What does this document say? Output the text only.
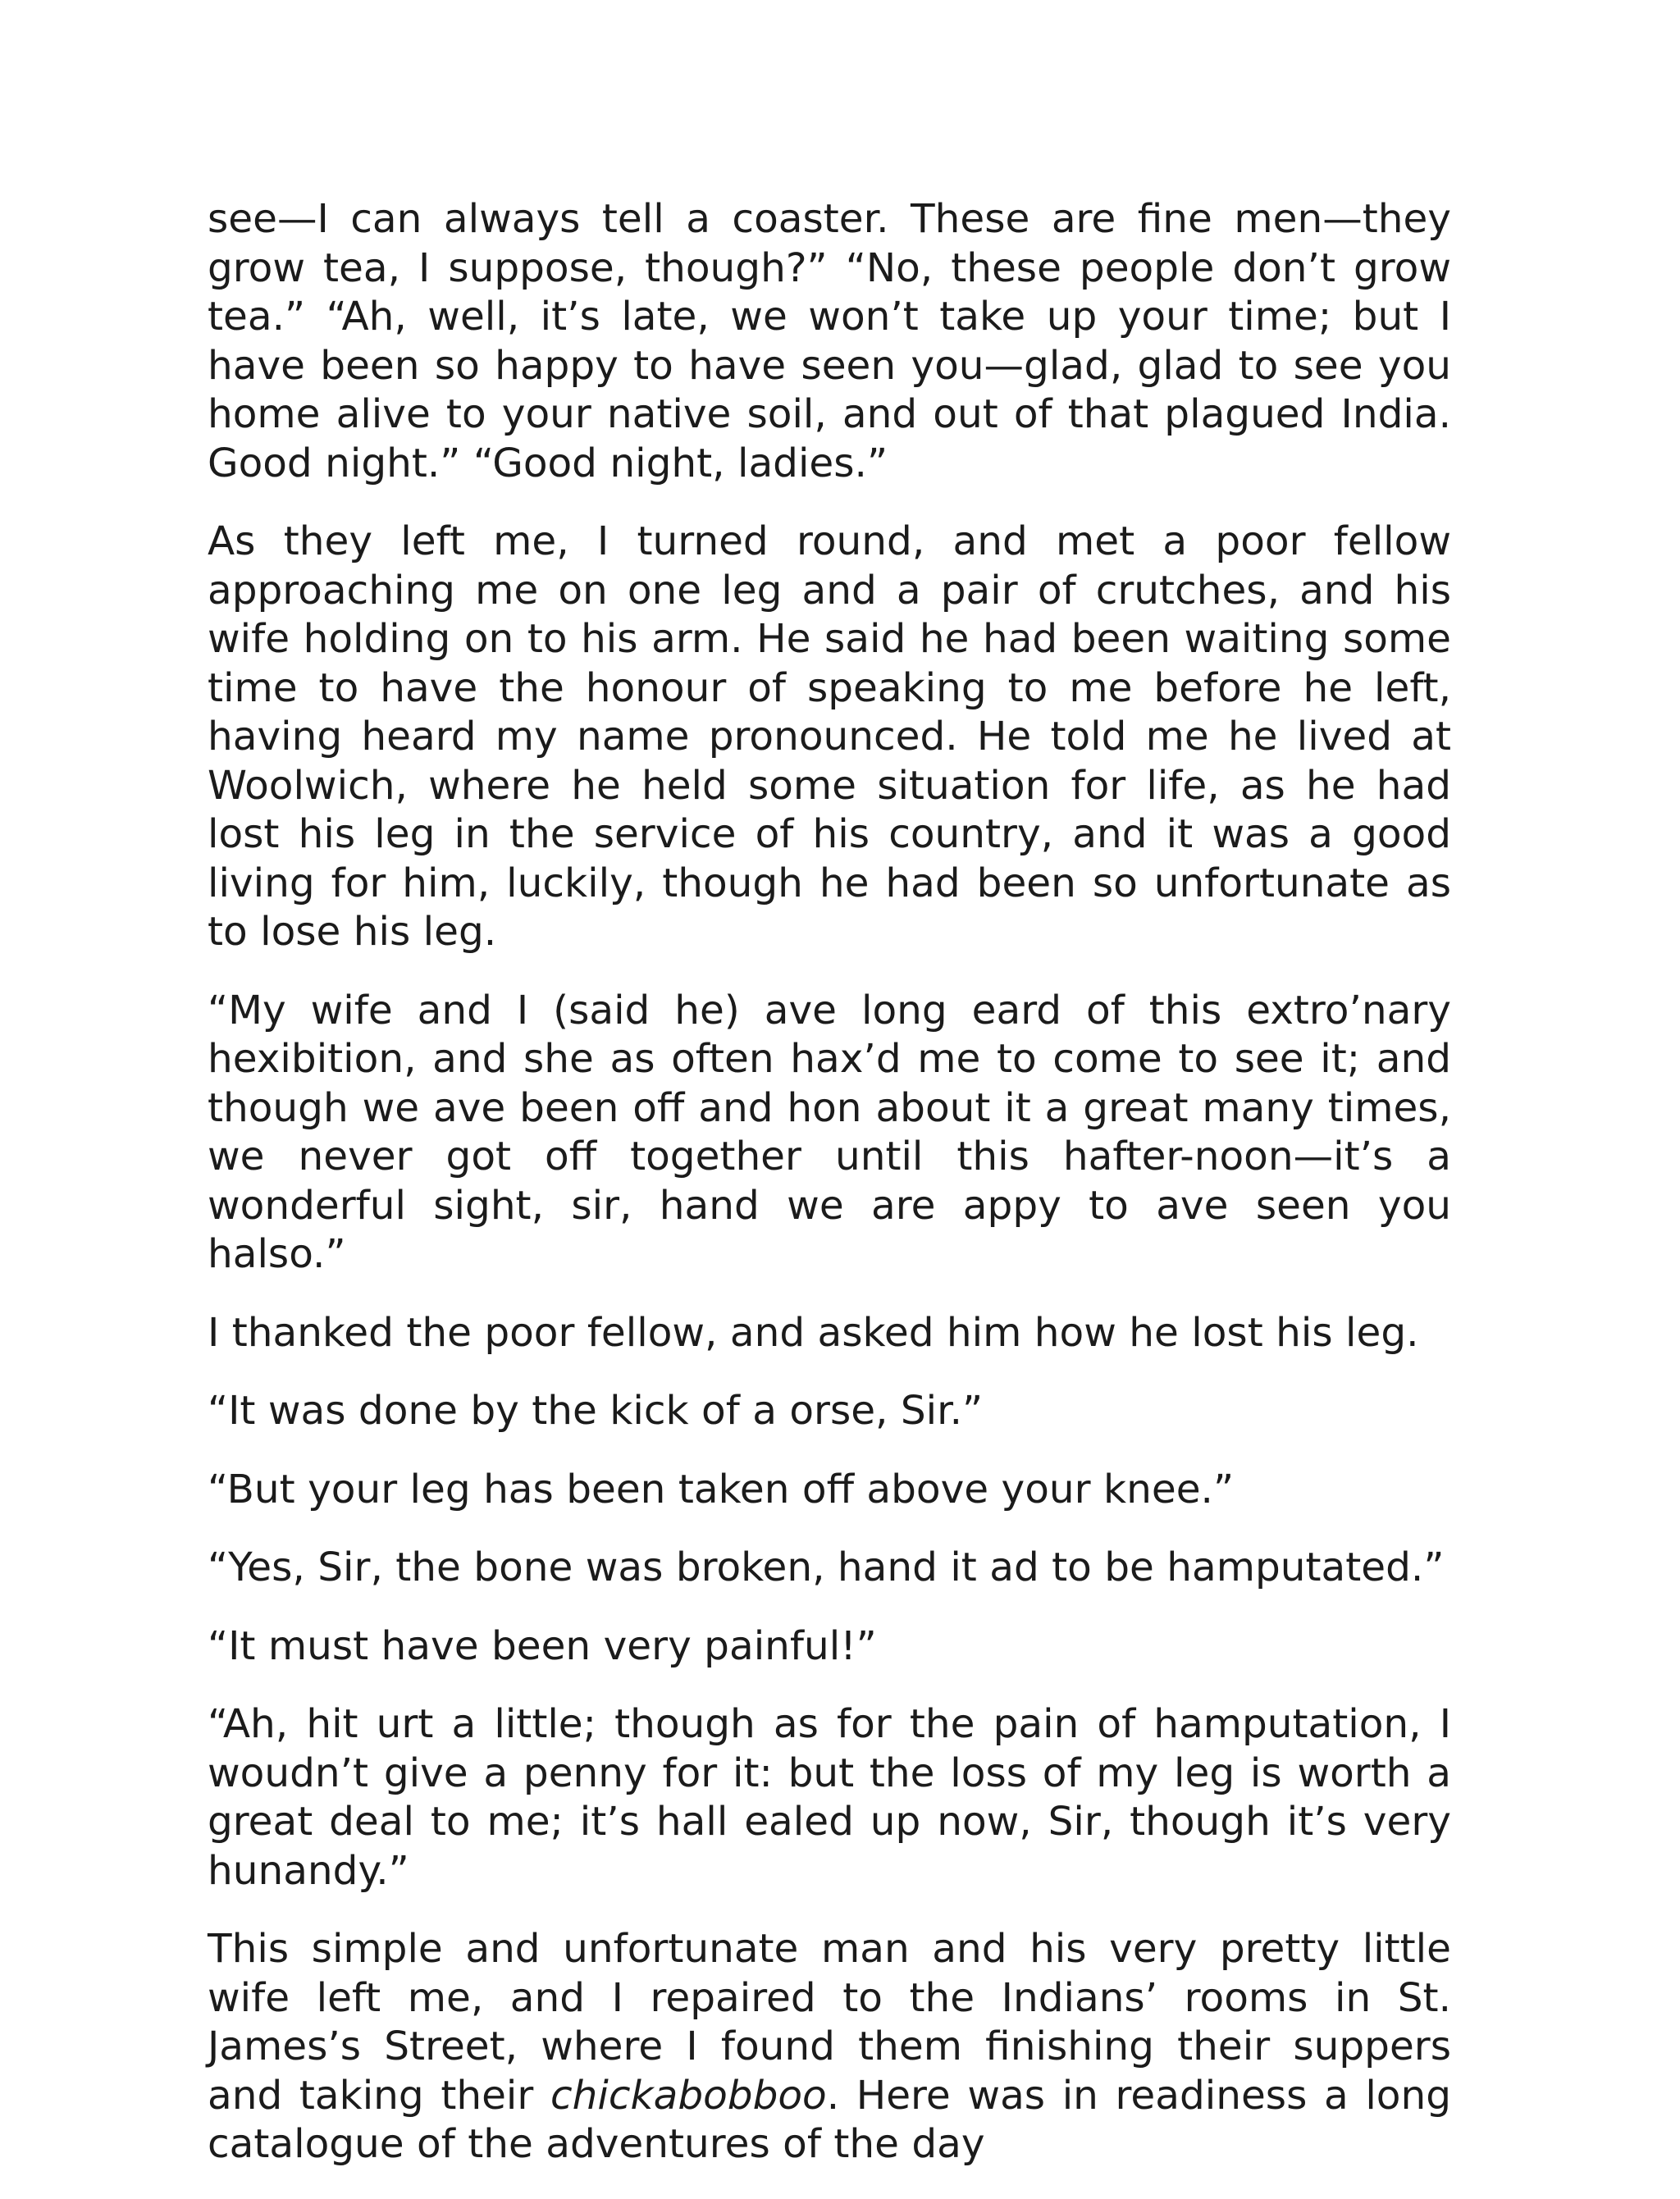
see—I can always tell a coaster. These are fine men—they grow tea, I suppose, though?” “No, these people don’t grow tea.” “Ah, well, it’s late, we won’t take up your time; but I have been so happy to have seen you—glad, glad to see you home alive to your native soil, and out of that plagued India. Good night.” “Good night, ladies.”

As they left me, I turned round, and met a poor fellow approaching me on one leg and a pair of crutches, and his wife holding on to his arm. He said he had been waiting some time to have the honour of speaking to me before he left, having heard my name pronounced. He told me he lived at Woolwich, where he held some situation for life, as he had lost his leg in the service of his country, and it was a good living for him, luckily, though he had been so unfortunate as to lose his leg.

“My wife and I (said he) ave long eard of this extro’nary hexibition, and she as often hax’d me to come to see it; and though we ave been off and hon about it a great many times, we never got off together until this hafter-noon—it’s a wonderful sight, sir, hand we are appy to ave seen you halso.”

I thanked the poor fellow, and asked him how he lost his leg.

“It was done by the kick of a orse, Sir.”

“But your leg has been taken off above your knee.”

“Yes, Sir, the bone was broken, hand it ad to be hamputated.”

“It must have been very painful!”

“Ah, hit urt a little; though as for the pain of hamputation, I woudn’t give a penny for it: but the loss of my leg is worth a great deal to me; it’s hall ealed up now, Sir, though it’s very hunandy.”

This simple and unfortunate man and his very pretty little wife left me, and I repaired to the Indians’ rooms in St. James’s Street, where I found them finishing their suppers and taking their chickabobboo. Here was in readiness a long catalogue of the adventures of the day
